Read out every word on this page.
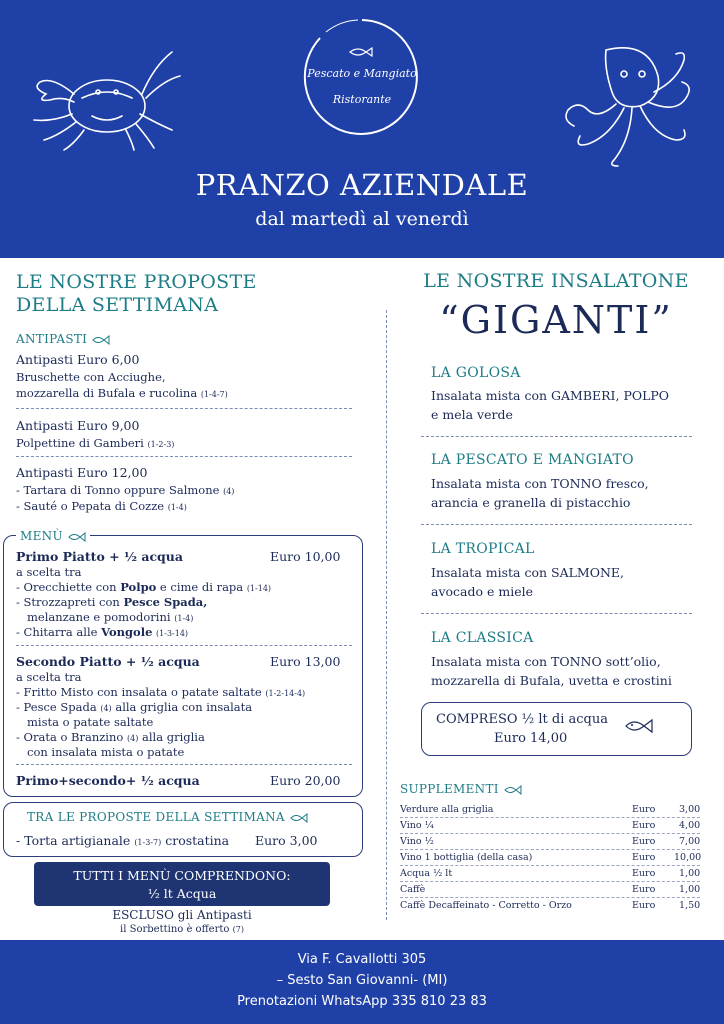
Pescato e Mangiato
Ristorante
PRANZO AZIENDALE
dal martedì al venerdì
LE NOSTRE PROPOSTE
DELLA SETTIMANA
ANTIPASTI
Antipasti Euro 6,00
Bruschette con Acciughe,
mozzarella di Bufala e rucolina (1-4-7)
Antipasti Euro 9,00
Polpettine di Gamberi (1-2-3)
Antipasti Euro 12,00
- Tartara di Tonno oppure Salmone (4)
- Sauté o Pepata di Cozze (1-4)
MENÙ
Primo Piatto + ½ acqua	Euro 10,00
a scelta tra
- Orecchiette con Polpo e cime di rapa (1-14)
- Strozzapreti con Pesce Spada,
melanzane e pomodorini (1-4)
- Chitarra alle Vongole (1-3-14)
Secondo Piatto + ½ acqua	Euro 13,00
a scelta tra
- Fritto Misto con insalata o patate saltate (1-2-14-4)
- Pesce Spada (4) alla griglia con insalata
mista o patate saltate
- Orata o Branzino (4) alla griglia
con insalata mista o patate
Primo+secondo+ ½ acqua	Euro 20,00
TRA LE PROPOSTE DELLA SETTIMANA
- Torta artigianale (1-3-7) crostatina Euro 3,00
TUTTI I MENÙ COMPRENDONO:
½ lt Acqua
ESCLUSO gli Antipasti
il Sorbettino è offerto (7)
LE NOSTRE INSALATONE
“GIGANTI”
LA GOLOSA
Insalata mista con GAMBERI, POLPO
e mela verde
LA PESCATO E MANGIATO
Insalata mista con TONNO fresco,
arancia e granella di pistacchio
LA TROPICAL
Insalata mista con SALMONE,
avocado e miele
LA CLASSICA
Insalata mista con TONNO sott’olio,
mozzarella di Bufala, uvetta e crostini
COMPRESO ½ lt di acqua
Euro 14,00
SUPPLEMENTI
Verdure alla griglia	Euro 3,00
Vino ¼	Euro 4,00
Vino ½	Euro 7,00
Vino 1 bottiglia (della casa)	Euro 10,00
Acqua ½ lt	Euro 1,00
Caffè	Euro 1,00
Caffè Decaffeinato - Corretto - Orzo	Euro 1,50
Via F. Cavallotti 305
– Sesto San Giovanni- (MI)
Prenotazioni WhatsApp 335 810 23 83
